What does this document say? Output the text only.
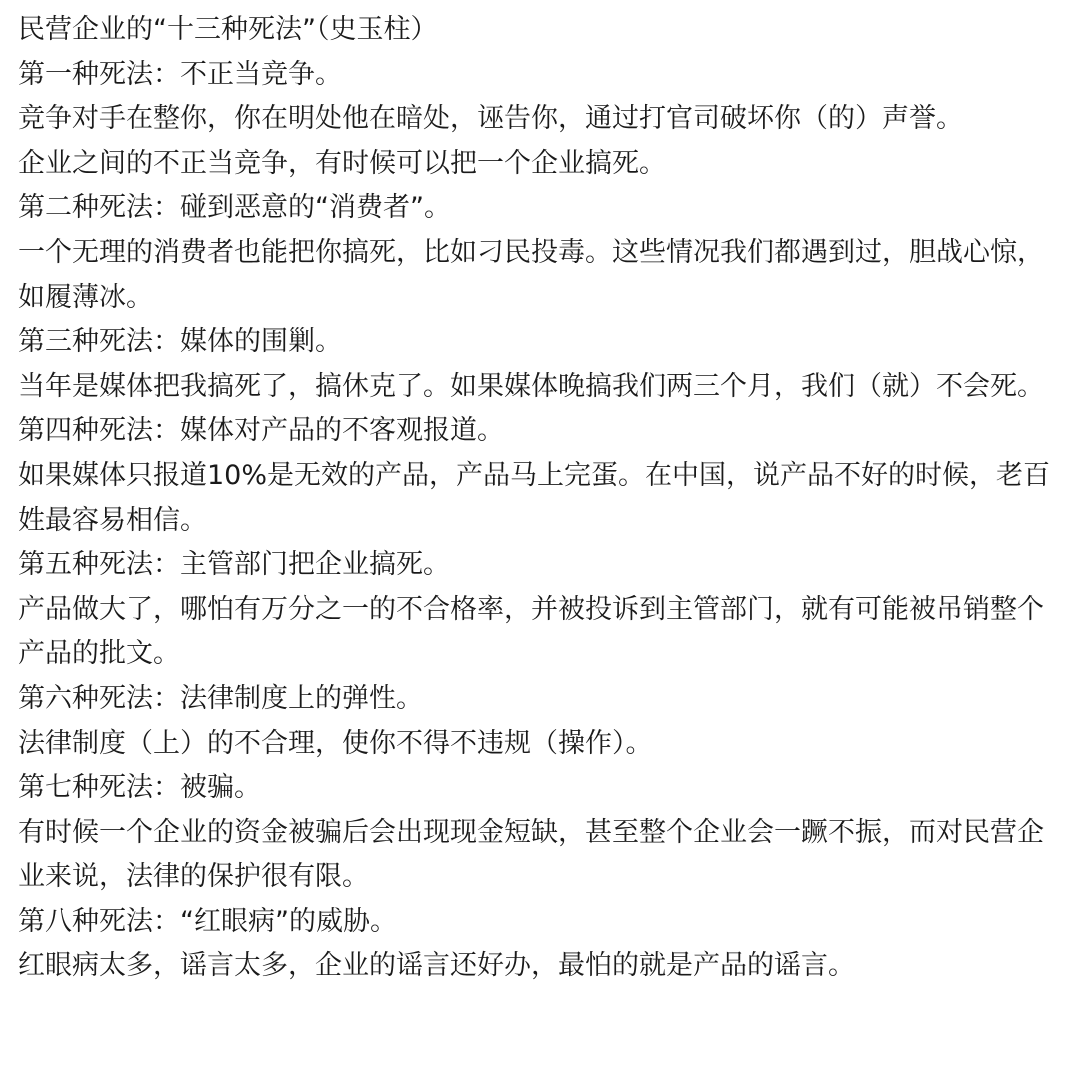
民营企业的“十三种死法”（史玉柱）

第一种死法：不正当竞争。

竞争对手在整你，你在明处他在暗处，诬告你，通过打官司破坏你（的）声誉。

企业之间的不正当竞争，有时候可以把一个企业搞死。

第二种死法：碰到恶意的“消费者”。

一个无理的消费者也能把你搞死，比如刁民投毒。这些情况我们都遇到过，胆战心惊，如履薄冰。

第三种死法：媒体的围剿。

当年是媒体把我搞死了，搞休克了。如果媒体晚搞我们两三个月，我们（就）不会死。

第四种死法：媒体对产品的不客观报道。

如果媒体只报道10%是无效的产品，产品马上完蛋。在中国，说产品不好的时候，老百姓最容易相信。

第五种死法：主管部门把企业搞死。

产品做大了，哪怕有万分之一的不合格率，并被投诉到主管部门，就有可能被吊销整个产品的批文。

第六种死法：法律制度上的弹性。

法律制度（上）的不合理，使你不得不违规（操作）。

第七种死法：被骗。

有时候一个企业的资金被骗后会出现现金短缺，甚至整个企业会一蹶不振，而对民营企业来说，法律的保护很有限。

第八种死法：“红眼病”的威胁。

红眼病太多，谣言太多，企业的谣言还好办，最怕的就是产品的谣言。
